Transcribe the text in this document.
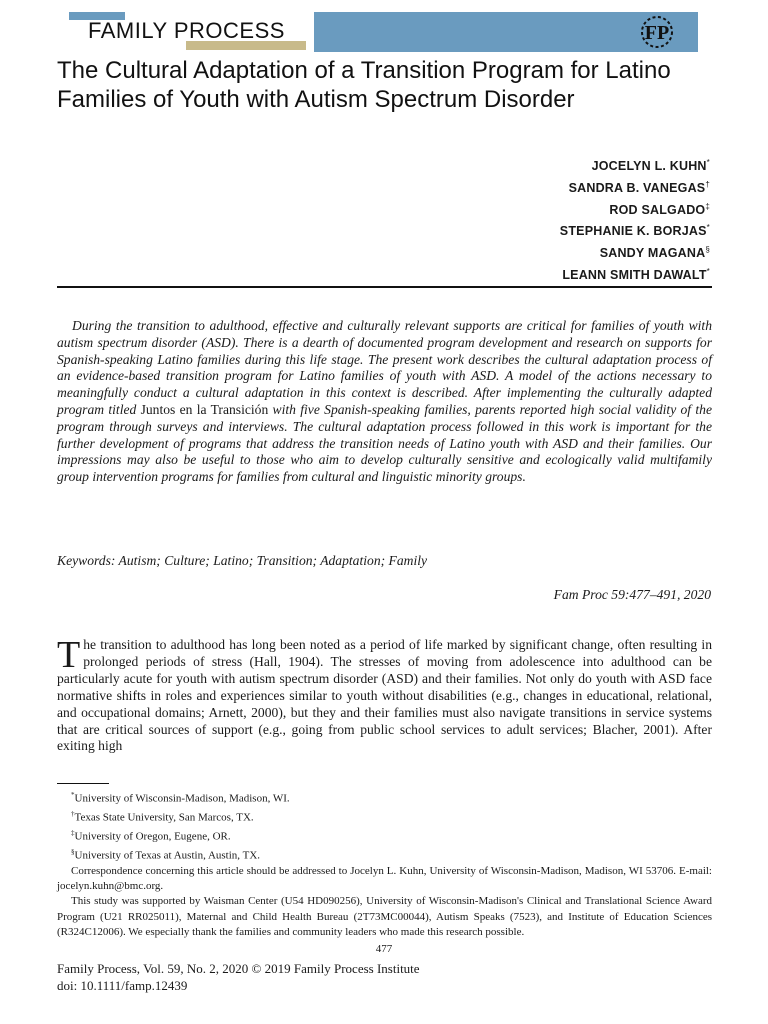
FAMILY PROCESS	FP
The Cultural Adaptation of a Transition Program for Latino Families of Youth with Autism Spectrum Disorder
JOCELYN L. KUHN*
SANDRA B. VANEGAS†
ROD SALGADO‡
STEPHANIE K. BORJAS*
SANDY MAGANA§
LEANN SMITH DAWALT*

During the transition to adulthood, effective and culturally relevant supports are critical for families of youth with autism spectrum disorder (ASD). There is a dearth of documented program development and research on supports for Spanish-speaking Latino families during this life stage. The present work describes the cultural adaptation process of an evidence-based transition program for Latino families of youth with ASD. A model of the actions necessary to meaningfully conduct a cultural adaptation in this context is described. After implementing the culturally adapted program titled Juntos en la Transición with five Spanish-speaking families, parents reported high social validity of the program through surveys and interviews. The cultural adaptation process followed in this work is important for the further development of programs that address the transition needs of Latino youth with ASD and their families. Our impressions may also be useful to those who aim to develop culturally sensitive and ecologically valid multifamily group intervention programs for families from cultural and linguistic minority groups.

Keywords: Autism; Culture; Latino; Transition; Adaptation; Family
Fam Proc 59:477–491, 2020

The transition to adulthood has long been noted as a period of life marked by significant change, often resulting in prolonged periods of stress (Hall, 1904). The stresses of moving from adolescence into adulthood can be particularly acute for youth with autism spectrum disorder (ASD) and their families. Not only do youth with ASD face normative shifts in roles and experiences similar to youth without disabilities (e.g., changes in educational, relational, and occupational domains; Arnett, 2000), but they and their families must also navigate transitions in service systems that are critical sources of support (e.g., going from public school services to adult services; Blacher, 2001). After exiting high

*University of Wisconsin-Madison, Madison, WI.

†Texas State University, San Marcos, TX.

‡University of Oregon, Eugene, OR.

§University of Texas at Austin, Austin, TX.

Correspondence concerning this article should be addressed to Jocelyn L. Kuhn, University of Wisconsin-Madison, Madison, WI 53706. E-mail: jocelyn.kuhn@bmc.org.

This study was supported by Waisman Center (U54 HD090256), University of Wisconsin-Madison's Clinical and Translational Science Award Program (U21 RR025011), Maternal and Child Health Bureau (2T73MC00044), Autism Speaks (7523), and Institute of Education Sciences (R324C12006). We especially thank the families and community leaders who made this research possible.

477
Family Process, Vol. 59, No. 2, 2020 © 2019 Family Process Institute
doi: 10.1111/famp.12439
